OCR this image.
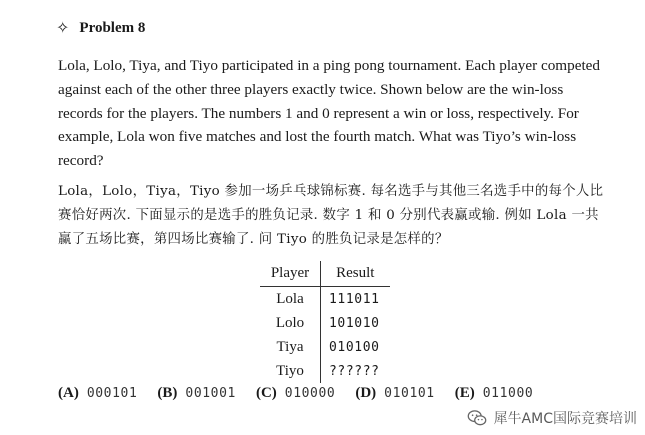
✧ Problem 8
Lola, Lolo, Tiya, and Tiyo participated in a ping pong tournament. Each player competed against each of the other three players exactly twice. Shown below are the win-loss records for the players. The numbers 1 and 0 represent a win or loss, respectively. For example, Lola won five matches and lost the fourth match. What was Tiyo’s win-loss record?
Lola，Lolo，Tiya，Tiyo 参加一场乒乓球锦标赛. 每名选手与其他三名选手中的每个人比赛恰好两次. 下面显示的是选手的胜负记录. 数字 1 和 0 分别代表赢或输. 例如 Lola 一共赢了五场比赛，第四场比赛输了. 问 Tiyo 的胜负记录是怎样的？
Player	Result
Lola	111011
Lolo	101010
Tiya	010100
Tiyo	??????
(A) 000101 (B) 001001 (C) 010000 (D) 010101 (E) 011000
犀牛AMC国际竞赛培训
